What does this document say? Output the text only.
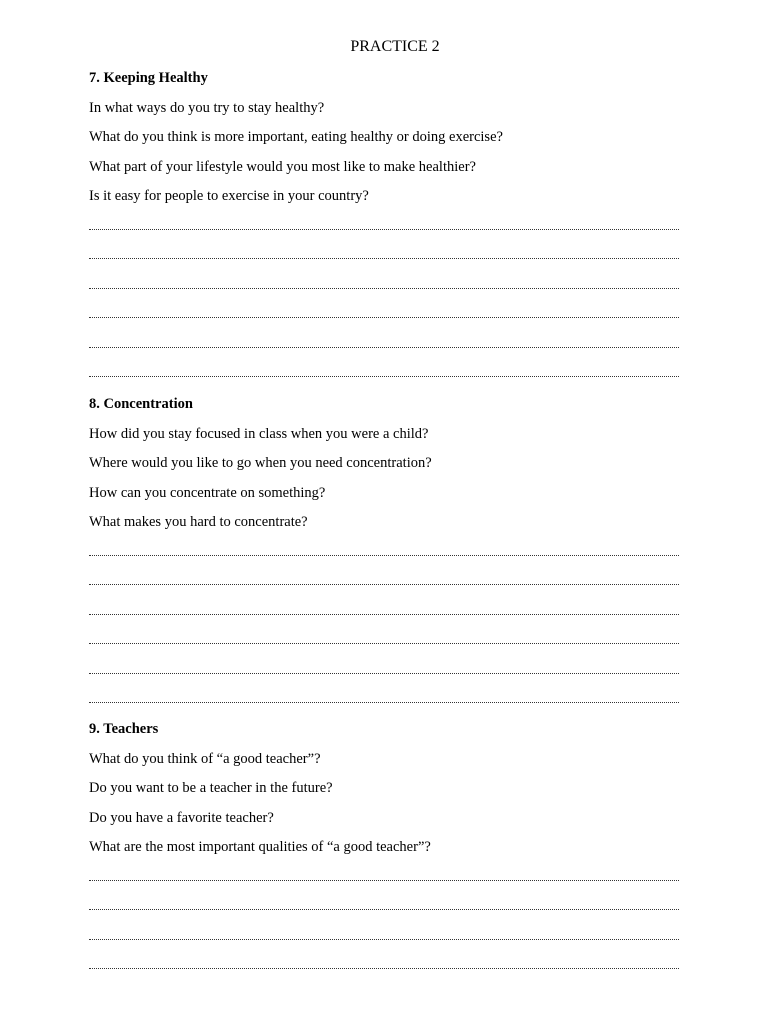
PRACTICE 2
7. Keeping Healthy
In what ways do you try to stay healthy?
What do you think is more important, eating healthy or doing exercise?
What part of your lifestyle would you most like to make healthier?
Is it easy for people to exercise in your country?
8. Concentration
How did you stay focused in class when you were a child?
Where would you like to go when you need concentration?
How can you concentrate on something?
What makes you hard to concentrate?
9. Teachers
What do you think of “a good teacher”?
Do you want to be a teacher in the future?
Do you have a favorite teacher?
What are the most important qualities of “a good teacher”?
